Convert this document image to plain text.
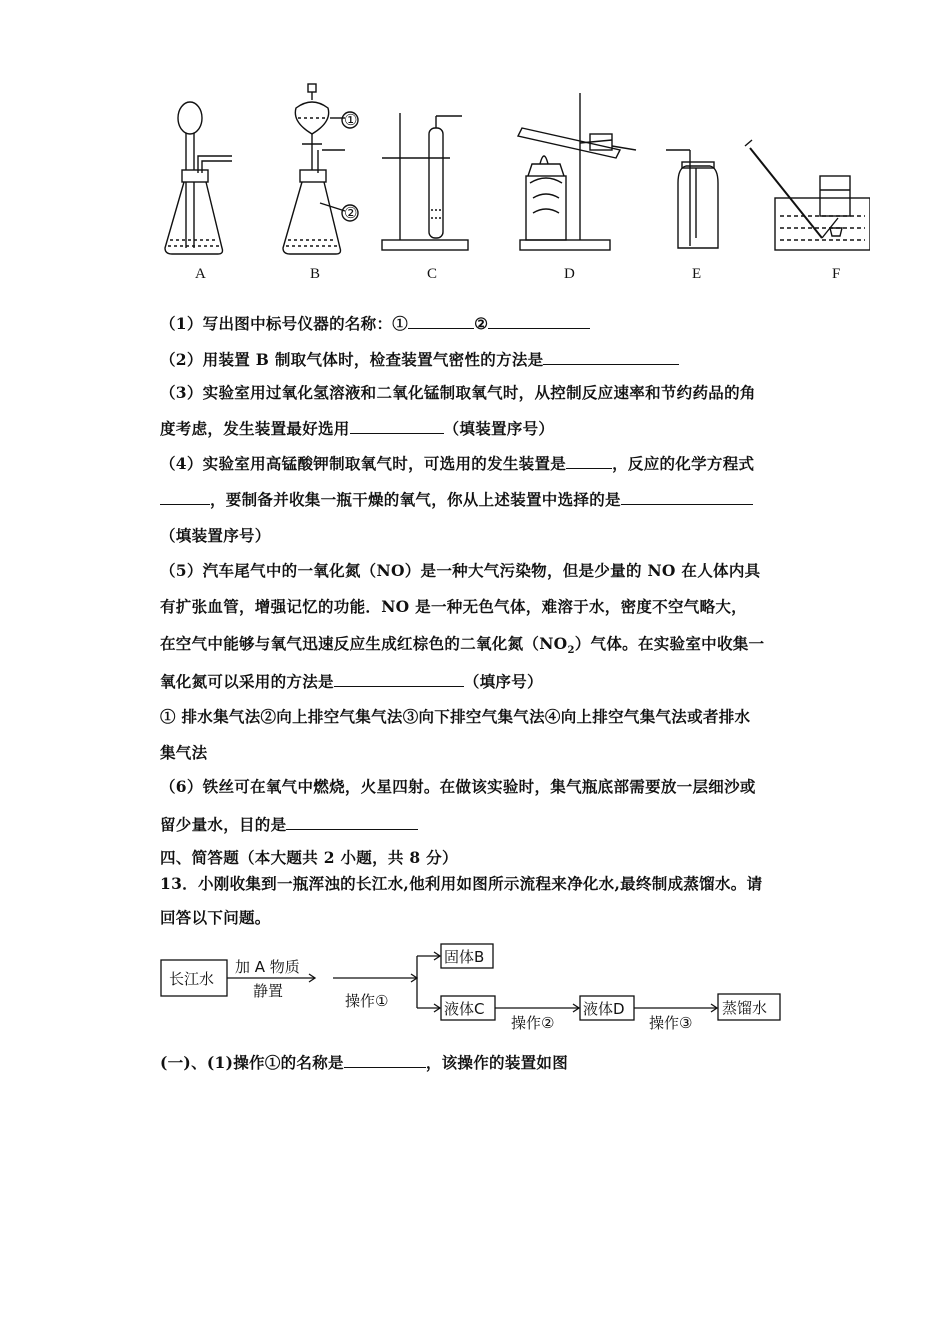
①
②
A	B	C	D	E	F
（1）写出图中标号仪器的名称：①	②
（2）用装置 B 制取气体时，检查装置气密性的方法是
（3）实验室用过氧化氢溶液和二氧化锰制取氧气时，从控制反应速率和节约药品的角
度考虑，发生装置最好选用	（填装置序号）
（4）实验室用高锰酸钾制取氧气时，可选用的发生装置是	，反应的化学方程式
，要制备并收集一瓶干燥的氧气，你从上述装置中选择的是
（填装置序号）
（5）汽车尾气中的一氧化氮（NO）是一种大气污染物，但是少量的 NO 在人体内具
有扩张血管，增强记忆的功能．NO 是一种无色气体，难溶于水，密度不空气略大，
在空气中能够与氧气迅速反应生成红棕色的二氧化氮$(NO_2)$气体。在实验室中收集一
氧化氮可以采用的方法是	（填序号）
① 排水集气法②向上排空气集气法③向下排空气集气法④向上排空气集气法或者排水
集气法
（6）铁丝可在氧气中燃烧，火星四射。在做该实验时，集气瓶底部需要放一层细沙或
留少量水，目的是
四、简答题（本大题共 2 小题，共 8 分）
13．小刚收集到一瓶浑浊的长江水,他利用如图所示流程来净化水,最终制成蒸馏水。请
回答以下问题。
长江水
加 A 物质
静置
操作①
固体B
液体C
操作②
液体D
操作③
蒸馏水
(一)、(1)操作①的名称是	，该操作的装置如图
